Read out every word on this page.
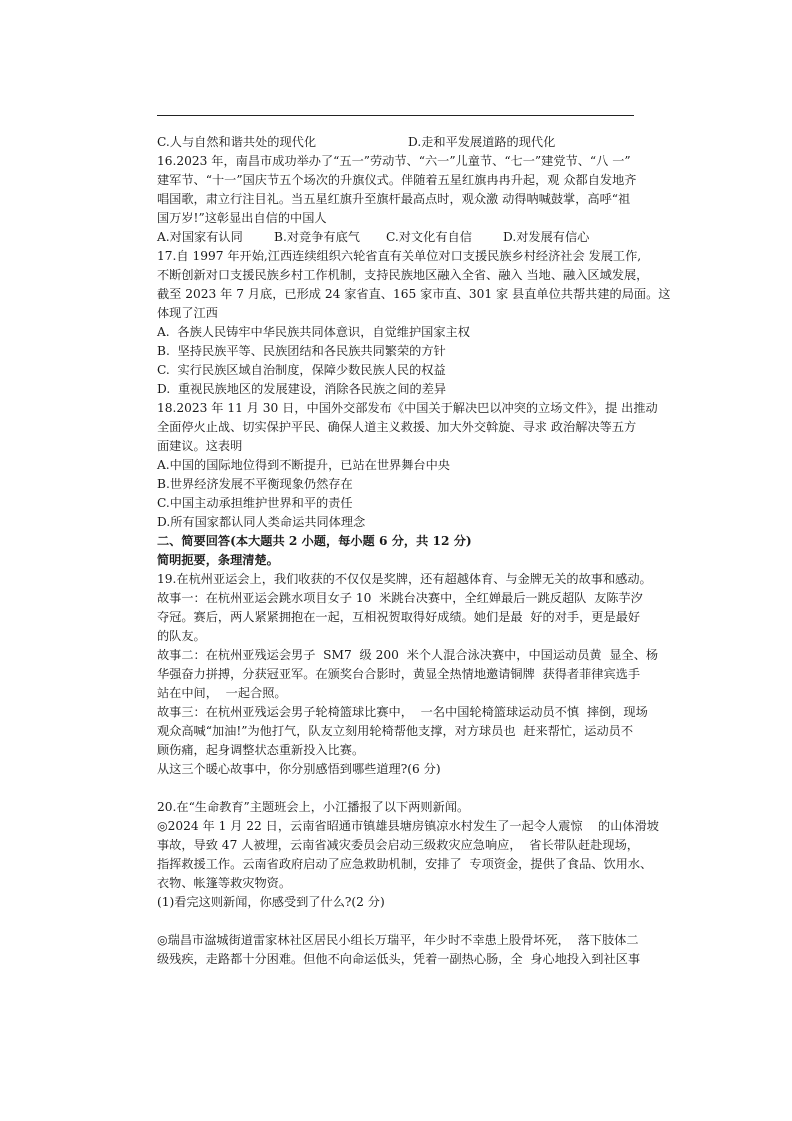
C.人与自然和谐共处的现代化	D.走和平发展道路的现代化
16.2023 年，南昌市成功举办了“五一”劳动节、“六一”儿童节、“七一”建党节、“八 一”
建军节、“十一”国庆节五个场次的升旗仪式。伴随着五星红旗冉冉升起，观 众都自发地齐
唱国歌，肃立行注目礼。当五星红旗升至旗杆最高点时，观众激 动得呐喊鼓掌，高呼“祖
国万岁!”这彰显出自信的中国人
A.对国家有认同	B.对竞争有底气	C.对文化有自信	D.对发展有信心
17.自 1997 年开始,江西连续组织六轮省直有关单位对口支援民族乡村经济社会 发展工作,
不断创新对口支援民族乡村工作机制，支持民族地区融入全省、融入 当地、融入区域发展，
截至 2023 年 7 月底，已形成 24 家省直、165 家市直、301 家 县直单位共帮共建的局面。这
体现了江西
A.  各族人民铸牢中华民族共同体意识，自觉维护国家主权
B.  坚持民族平等、民族团结和各民族共同繁荣的方针
C.  实行民族区域自治制度，保障少数民族人民的权益
D.  重视民族地区的发展建设，消除各民族之间的差异
18.2023 年 11 月 30 日，中国外交部发布《中国关于解决巴以冲突的立场文件》，提 出推动
全面停火止战、切实保护平民、确保人道主义救援、加大外交斡旋、寻求 政治解决等五方
面建议。这表明
A.中国的国际地位得到不断提升，已站在世界舞台中央
B.世界经济发展不平衡现象仍然存在
C.中国主动承担维护世界和平的责任
D.所有国家都认同人类命运共同体理念
二、简要回答(本大题共 2 小题，每小题 6 分，共 12 分)
简明扼要，条理清楚。
19.在杭州亚运会上，我们收获的不仅仅是奖牌，还有超越体育、与金牌无关的故事和感动。
故事一：在杭州亚运会跳水项目女子 10  米跳台决赛中，全红婵最后一跳反超队  友陈芋汐
夺冠。赛后，两人紧紧拥抱在一起，互相祝贺取得好成绩。她们是最  好的对手，更是最好
的队友。
故事二：在杭州亚残运会男子  SM7  级 200  米个人混合泳决赛中，中国运动员黄  显全、杨
华强奋力拼搏，分获冠亚军。在颁奖台合影时，黄显全热情地邀请铜牌  获得者菲律宾选手
站在中间，  一起合照。
故事三：在杭州亚残运会男子轮椅篮球比赛中，  一名中国轮椅篮球运动员不慎  摔倒，现场
观众高喊“加油!”为他打气，队友立刻用轮椅帮他支撑，对方球员也  赶来帮忙，运动员不
顾伤痛，起身调整状态重新投入比赛。
从这三个暖心故事中，你分别感悟到哪些道理?(6 分)
20.在“生命教育”主题班会上，小江播报了以下两则新闻。
◎2024 年 1 月 22 日，云南省昭通市镇雄县塘房镇凉水村发生了一起令人震惊    的山体滑坡
事故，导致 47 人被埋，云南省减灾委员会启动三级救灾应急响应，  省长带队赶赴现场，
指挥救援工作。云南省政府启动了应急救助机制，安排了  专项资金，提供了食品、饮用水、
衣物、帐篷等救灾物资。
(1)看完这则新闻，你感受到了什么?(2 分)
◎瑞昌市湓城街道雷家林社区居民小组长万瑞平，年少时不幸患上股骨坏死，  落下肢体二
级残疾，走路都十分困难。但他不向命运低头，凭着一副热心肠，全  身心地投入到社区事
